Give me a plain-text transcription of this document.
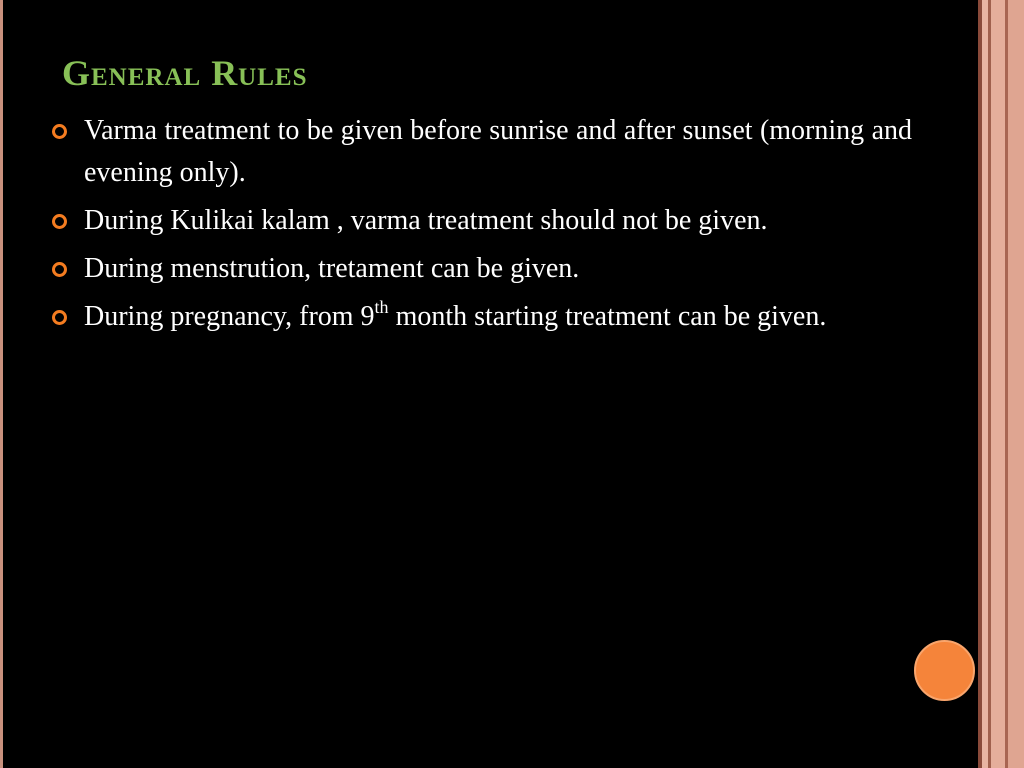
General Rules
Varma treatment to be given before sunrise and after sunset (morning and evening only).
During Kulikai kalam , varma treatment should not be given.
During menstrution, tretament can be given.
During pregnancy, from 9th month starting treatment can be given.
